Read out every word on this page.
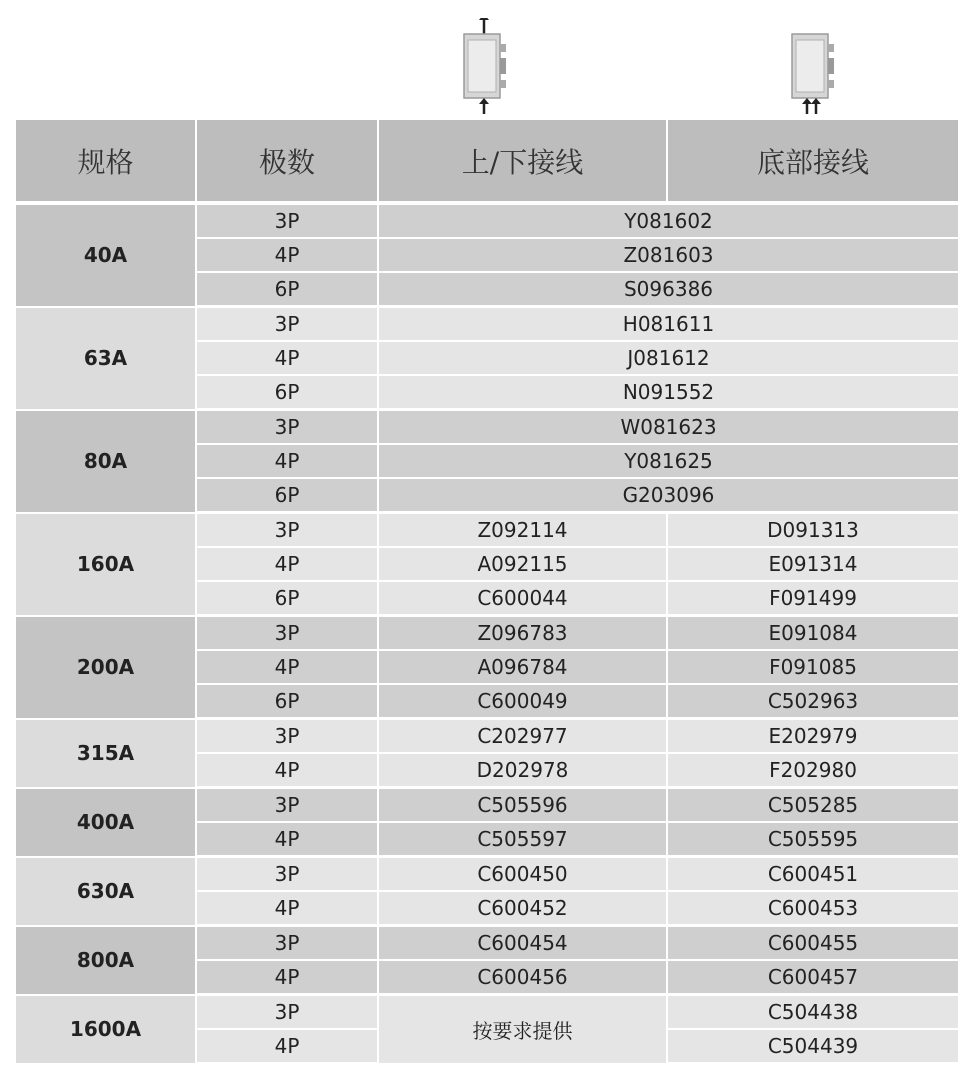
规格	极数	上/下接线	底部接线
40A	3P	Y081602	
	4P	Z081603	
	6P	S096386	
63A	3P	H081611	
	4P	J081612	
	6P	N091552	
80A	3P	W081623	
	4P	Y081625	
	6P	G203096	
160A	3P	Z092114	D091313
	4P	A092115	E091314
	6P	C600044	F091499
200A	3P	Z096783	E091084
	4P	A096784	F091085
	6P	C600049	C502963
315A	3P	C202977	E202979
	4P	D202978	F202980
400A	3P	C505596	C505285
	4P	C505597	C505595
630A	3P	C600450	C600451
	4P	C600452	C600453
800A	3P	C600454	C600455
	4P	C600456	C600457
1600A	3P	按要求提供	C504438
	4P		C504439
